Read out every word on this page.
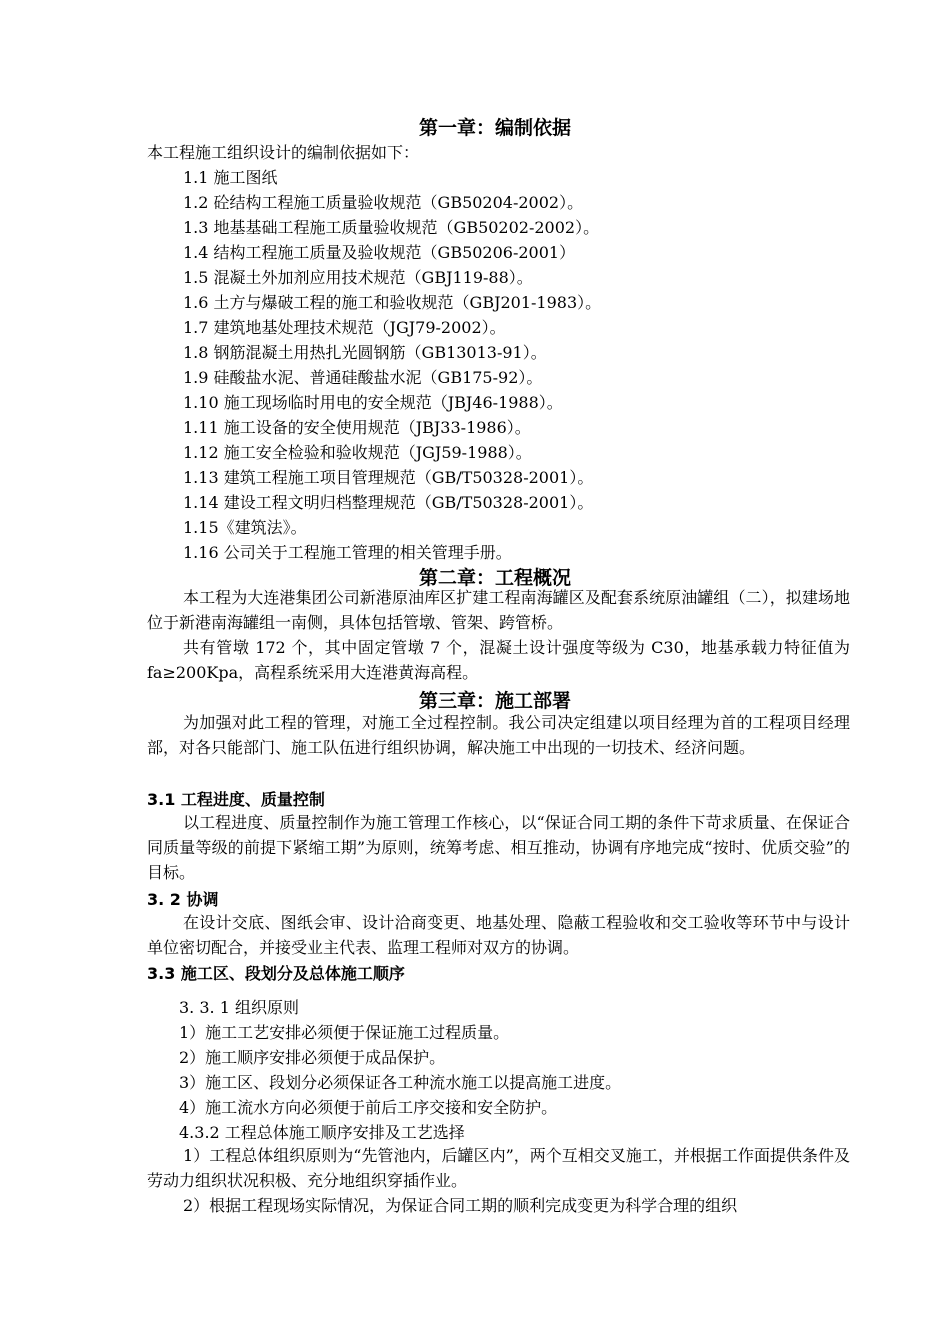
第一章：编制依据
本工程施工组织设计的编制依据如下：
1.1 施工图纸
1.2 砼结构工程施工质量验收规范（GB50204-2002）。
1.3 地基基础工程施工质量验收规范（GB50202-2002）。
1.4 结构工程施工质量及验收规范（GB50206-2001）
1.5 混凝土外加剂应用技术规范（GBJ119-88）。
1.6 土方与爆破工程的施工和验收规范（GBJ201-1983）。
1.7 建筑地基处理技术规范（JGJ79-2002）。
1.8 钢筋混凝土用热扎光圆钢筋（GB13013-91）。
1.9 硅酸盐水泥、普通硅酸盐水泥（GB175-92）。
1.10 施工现场临时用电的安全规范（JBJ46-1988）。
1.11 施工设备的安全使用规范（JBJ33-1986）。
1.12 施工安全检验和验收规范（JGJ59-1988）。
1.13 建筑工程施工项目管理规范（GB/T50328-2001）。
1.14 建设工程文明归档整理规范（GB/T50328-2001）。
1.15《建筑法》。
1.16 公司关于工程施工管理的相关管理手册。
第二章：工程概况
本工程为大连港集团公司新港原油库区扩建工程南海罐区及配套系统原油罐组（二），拟建场地位于新港南海罐组一南侧，具体包括管墩、管架、跨管桥。
共有管墩 172 个，其中固定管墩 7 个，混凝土设计强度等级为 C30，地基承载力特征值为 fa≥200Kpa，高程系统采用大连港黄海高程。
第三章：施工部署
为加强对此工程的管理，对施工全过程控制。我公司决定组建以项目经理为首的工程项目经理部，对各只能部门、施工队伍进行组织协调，解决施工中出现的一切技术、经济问题。
3.1 工程进度、质量控制
以工程进度、质量控制作为施工管理工作核心，以“保证合同工期的条件下苛求质量、在保证合同质量等级的前提下紧缩工期”为原则，统筹考虑、相互推动，协调有序地完成“按时、优质交验”的目标。
3. 2 协调
在设计交底、图纸会审、设计洽商变更、地基处理、隐蔽工程验收和交工验收等环节中与设计单位密切配合，并接受业主代表、监理工程师对双方的协调。
3.3 施工区、段划分及总体施工顺序
3. 3. 1 组织原则
1）施工工艺安排必须便于保证施工过程质量。
2）施工顺序安排必须便于成品保护。
3）施工区、段划分必须保证各工种流水施工以提高施工进度。
4）施工流水方向必须便于前后工序交接和安全防护。
4.3.2 工程总体施工顺序安排及工艺选择
1）工程总体组织原则为“先管池内，后罐区内”，两个互相交叉施工，并根据工作面提供条件及劳动力组织状况积极、充分地组织穿插作业。
2）根据工程现场实际情况，为保证合同工期的顺利完成变更为科学合理的组织
